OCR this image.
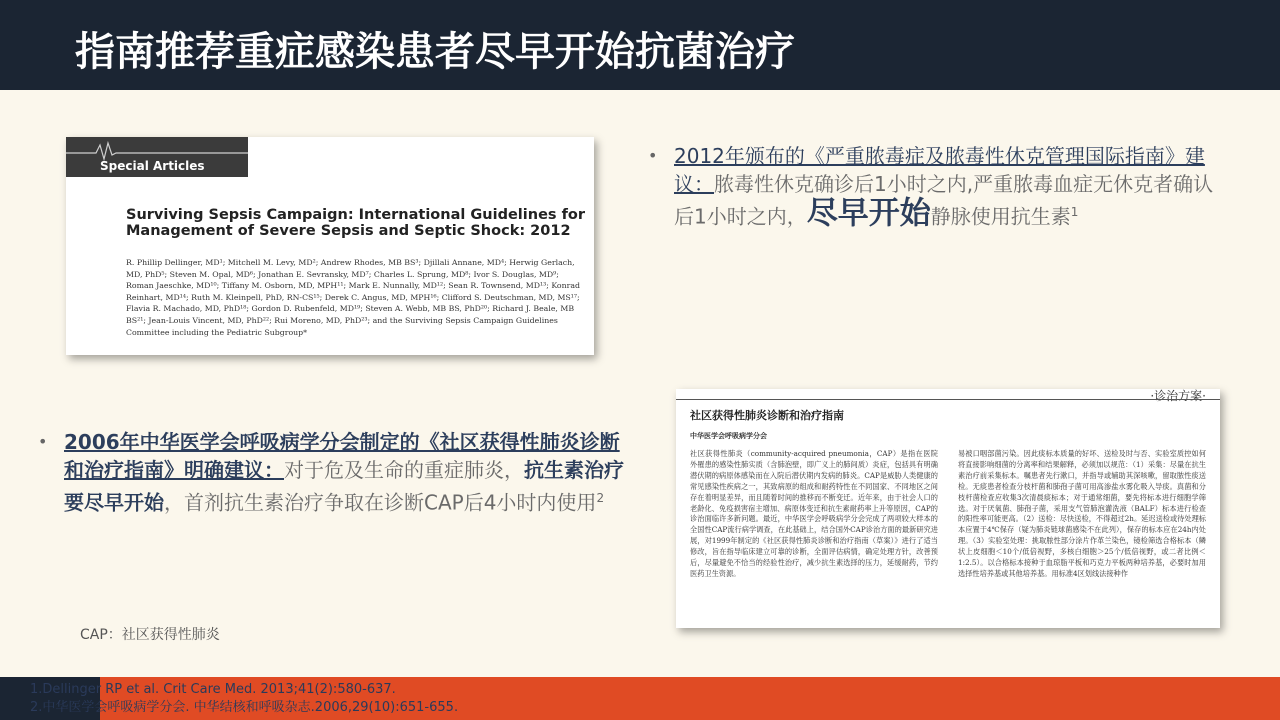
指南推荐重症感染患者尽早开始抗菌治疗
Special Articles
Surviving Sepsis Campaign: International Guidelines for Management of Severe Sepsis and Septic Shock: 2012
R. Phillip Dellinger, MD¹; Mitchell M. Levy, MD²; Andrew Rhodes, MB BS³; Djillali Annane, MD⁴; Herwig Gerlach, MD, PhD⁵; Steven M. Opal, MD⁶; Jonathan E. Sevransky, MD⁷; Charles L. Sprung, MD⁸; Ivor S. Douglas, MD⁹; Roman Jaeschke, MD¹⁰; Tiffany M. Osborn, MD, MPH¹¹; Mark E. Nunnally, MD¹²; Sean R. Townsend, MD¹³; Konrad Reinhart, MD¹⁴; Ruth M. Kleinpell, PhD, RN-CS¹⁵; Derek C. Angus, MD, MPH¹⁶; Clifford S. Deutschman, MD, MS¹⁷; Flavia R. Machado, MD, PhD¹⁸; Gordon D. Rubenfeld, MD¹⁹; Steven A. Webb, MB BS, PhD²⁰; Richard J. Beale, MB BS²¹; Jean-Louis Vincent, MD, PhD²²; Rui Moreno, MD, PhD²³; and the Surviving Sepsis Campaign Guidelines Committee including the Pediatric Subgroup*
• 2012年颁布的《严重脓毒症及脓毒性休克管理国际指南》建议：脓毒性休克确诊后1小时之内,严重脓毒血症无休克者确认后1小时之内，尽早开始静脉使用抗生素$^1$
·诊治方案·
社区获得性肺炎诊断和治疗指南
中华医学会呼吸病学分会
社区获得性肺炎（community-acquired pneumonia，CAP）是指在医院外罹患的感染性肺实质（含肺泡壁，即广义上的肺间质）炎症，包括具有明确潜伏期的病原体感染而在入院后潜伏期内发病的肺炎。CAP是威胁人类健康的常见感染性疾病之一，其致病原的组成和耐药特性在不同国家、不同地区之间存在着明显差异，而且随着时间的推移而不断变迁。近年来，由于社会人口的老龄化、免疫损害宿主增加、病原体变迁和抗生素耐药率上升等原因，CAP的诊治面临许多新问题。最近，中华医学会呼吸病学分会完成了两项较大样本的全国性CAP流行病学调查，在此基础上，结合国外CAP诊治方面的最新研究进展，对1999年制定的《社区获得性肺炎诊断和治疗指南（草案）》进行了适当修改，旨在指导临床建立可靠的诊断，全面评估病情，确定处理方针，改善预后，尽量避免不恰当的经验性治疗，减少抗生素选择的压力，延缓耐药，节约医药卫生资源。
易被口咽部菌污染。因此痰标本质量的好坏、送检及时与否、实验室质控如何将直接影响细菌的分离率和结果解释，必须加以规范：（1）采集：尽量在抗生素治疗前采集标本。嘱患者先行漱口，并指导或辅助其深咳嗽，留取脓性痰送检。无痰患者检查分枝杆菌和肺孢子菌可用高渗盐水雾化吸入导痰。真菌和分枝杆菌检查应收集3次清晨痰标本；对于通常细菌，要先将标本进行细胞学筛选。对于厌氧菌、肺孢子菌，采用支气管肺泡灌洗液（BALF）标本进行检查的阳性率可能更高。（2）送检：尽快送检，不得超过2h。延迟送检或待处理标本应置于4℃保存（疑为肺炎链球菌感染不在此列），保存的标本应在24h内处理。（3）实验室处理：挑取脓性部分涂片作革兰染色，镜检筛选合格标本（鳞状上皮细胞＜10个/低倍视野，多核白细胞＞25个/低倍视野，或二者比例＜1:2.5）。以合格标本接种于血琼脂平板和巧克力平板两种培养基，必要时加用选择性培养基或其他培养基。用标准4区划线法接种作
• 2006年中华医学会呼吸病学分会制定的《社区获得性肺炎诊断和治疗指南》明确建议：对于危及生命的重症肺炎，抗生素治疗要尽早开始，首剂抗生素治疗争取在诊断CAP后4小时内使用$^2$
CAP：社区获得性肺炎
1.Dellinger RP et al. Crit Care Med. 2013;41(2):580-637.
2.中华医学会呼吸病学分会. 中华结核和呼吸杂志.2006,29(10):651-655.
